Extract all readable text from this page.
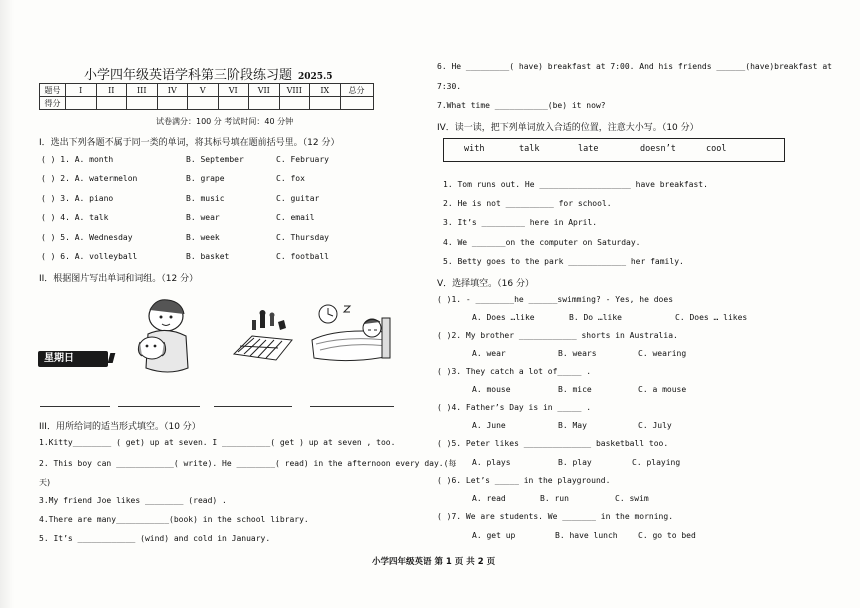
小学四年级英语学科第三阶段练习题 2025.5
题号	I	II	III	IV	V	VI	VII	VIII	IX	总分
得分										
试卷满分：100 分 考试时间：40 分钟
I．选出下列各题不属于同一类的单词，将其标号填在题前括号里。（12 分）
( ) 1. A. month	B. September	C. February
( ) 2. A. watermelon	B. grape	C. fox
( ) 3. A. piano	B. music	C. guitar
( ) 4. A. talk	B. wear	C. email
( ) 5. A. Wednesday	B. week	C. Thursday
( ) 6. A. volleyball	B. basket	C. football
II．根据图片写出单词和词组。（12 分）
星期日
III．用所给词的适当形式填空。（10 分）
1.Kitty________ ( get) up at seven. I __________( get ) up at seven , too.
2. This boy can ____________( write). He ________( read) in the afternoon every day.(每
天)
3.My friend Joe likes ________ (read) .
4.There are many___________(book) in the school library.
5. It’s ____________ (wind) and cold in January.
6. He _________( have) breakfast at 7:00. And his friends ______(have)breakfast at
7:30.
7.What time ___________(be) it now?
IV．读一读，把下列单词放入合适的位置，注意大小写。（10 分）
with	talk	late	doesn’t	cool
1. Tom runs out. He ___________________ have breakfast.
2. He is not __________ for school.
3. It’s _________ here in April.
4. We _______on the computer on Saturday.
5. Betty goes to the park ____________ her family.
V．选择填空。（16 分）
( )1. - ________he ______swimming? - Yes, he does
A. Does …like	B. Do …like	C. Does … likes
( )2. My brother ____________ shorts in Australia.
A. wear	B. wears	C. wearing
( )3. They catch a lot of_____ .
A. mouse	B. mice	C. a mouse
( )4. Father’s Day is in _____ .
A. June	B. May	C. July
( )5. Peter likes ______________ basketball too.
A. plays	B. play	C. playing
( )6. Let’s _____ in the playground.
A. read	B. run	C. swim
( )7. We are students. We _______ in the morning.
A. get up	B. have lunch	C. go to bed
小学四年级英语 第 1 页 共 2 页
